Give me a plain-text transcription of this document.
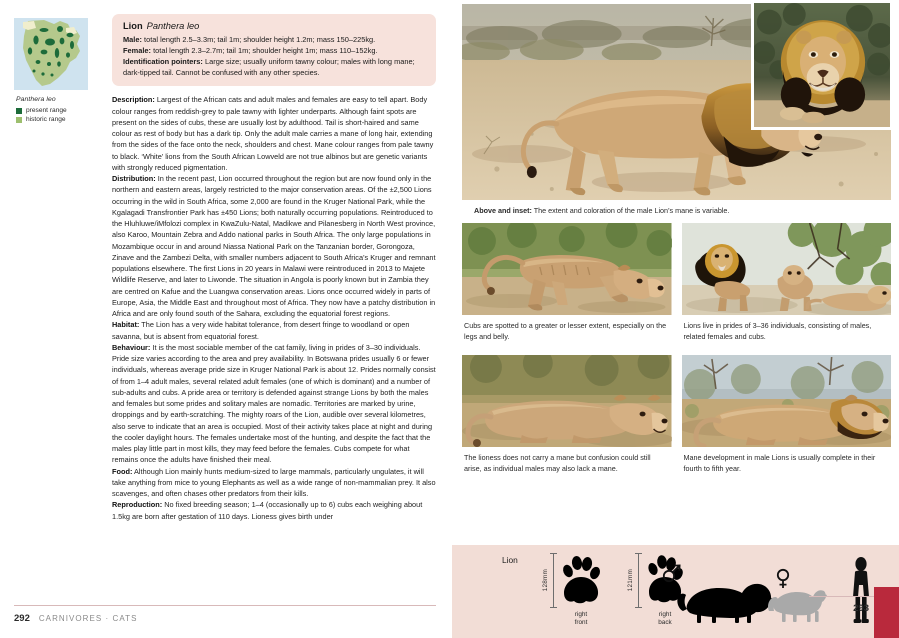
Panthera leo
present range
historic range
Lion Panthera leo
Male: total length 2.5–3.3m; tail 1m; shoulder height 1.2m; mass 150–225kg.
Female: total length 2.3–2.7m; tail 1m; shoulder height 1m; mass 110–152kg.
Identification pointers: Large size; usually uniform tawny colour; males with long mane; dark-tipped tail. Cannot be confused with any other species.

Description: Largest of the African cats and adult males and females are easy to tell apart. Body colour ranges from reddish-grey to pale tawny with lighter underparts. Although faint spots are present on the sides of cubs, these are usually lost by adulthood. Tail is short-haired and same colour as rest of body but has a dark tip. Only the adult male carries a mane of long hair, extending from the sides of the face onto the neck, shoulders and chest. Mane colour ranges from pale tawny to black. ‘White’ lions from the South African Lowveld are not true albinos but are genetic variants with strongly reduced pigmentation.

Distribution: In the recent past, Lion occurred throughout the region but are now found only in the northern and eastern areas, largely restricted to the major conservation areas. Of the ±2,500 Lions occurring in the wild in South Africa, some 2,000 are found in the Kruger National Park, while the Kgalagadi Transfrontier Park has ±450 Lions; both naturally occurring populations. Reintroduced to the Hluhluwe/iMfolozi complex in KwaZulu-Natal, Madikwe and Pilanesberg in North West province, also Karoo, Mountain Zebra and Addo national parks in South Africa. The only large populations in Mozambique occur in and around Niassa National Park on the Tanzanian border, Gorongoza, Zinave and the Zambezi Delta, with smaller numbers adjacent to South Africa’s Kruger and remnant populations elsewhere. The first Lions in 20 years in Malawi were reintroduced in 2013 to Majete Wildlife Reserve, and later to Liwonde. The situation in Angola is poorly known but in Zambia they are centred on Kafue and the Luangwa conservation areas. Lions once occurred widely in parts of Europe, Asia, the Middle East and throughout most of Africa. They now have a patchy distribution in Africa and are only found south of the Sahara, excluding the equatorial forest regions.

Habitat: The Lion has a very wide habitat tolerance, from desert fringe to woodland or open savanna, but is absent from equatorial forest.

Behaviour: It is the most sociable member of the cat family, living in prides of 3–30 individuals. Pride size varies according to the area and prey availability. In Botswana prides usually 6 or fewer individuals, whereas average pride size in Kruger National Park is about 12. Prides normally consist of from 1–4 adult males, several related adult females (one of which is dominant) and a number of sub-adults and cubs. A pride area or territory is defended against strange Lions by both the males and females but some prides and solitary males are nomadic. Territories are marked by urine, droppings and by earth-scratching. The mighty roars of the Lion, audible over several kilometres, also serve to indicate that an area is occupied. Most of their activity takes place at night and during the cooler daylight hours. The females undertake most of the hunting, and despite the fact that the males play little part in most kills, they may feed before the females. Cubs compete for what remains once the adults have finished their meal.

Food: Although Lion mainly hunts medium-sized to large mammals, particularly ungulates, it will take anything from mice to young Elephants as well as a wide range of non-mammalian prey. It also scavenges, and often chases other predators from their kills.

Reproduction: No fixed breeding season; 1–4 (occasionally up to 6) cubs each weighing about 1.5kg are born after gestation of 110 days. Lioness gives birth under

292 CARNIVORES · CATS
Above and inset: The extent and coloration of the male Lion’s mane is variable.
Cubs are spotted to a greater or lesser extent, especially on the legs and belly.
Lions live in prides of 3–36 individuals, consisting of males, related females and cubs.
The lioness does not carry a mane but confusion could still arise, as individual males may also lack a mane.
Mane development in male Lions is usually complete in their fourth to fifth year.
Lion
128mm
right
front
121mm
right
back
293
